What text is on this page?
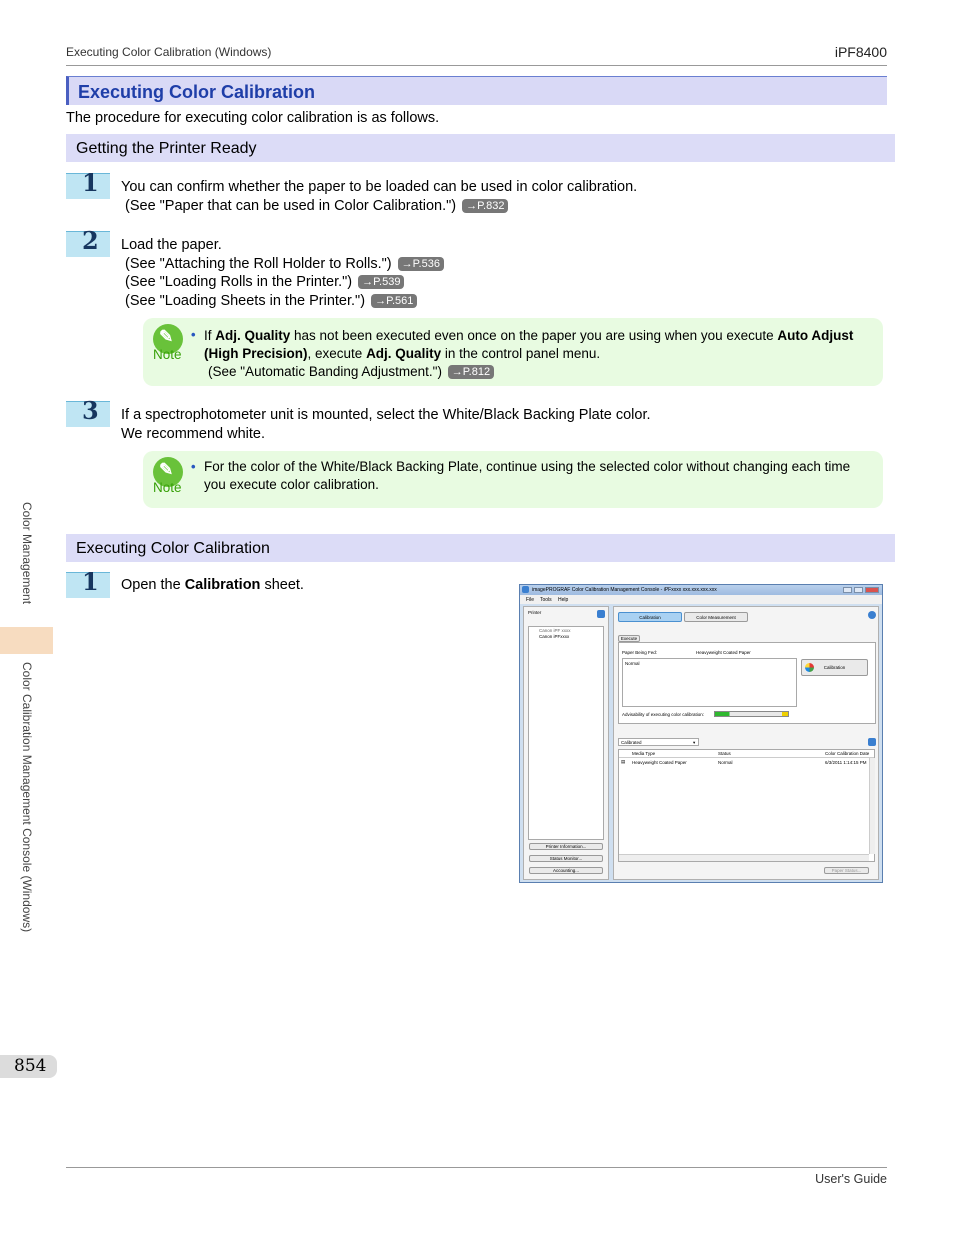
Executing Color Calibration (Windows)	iPF8400
Executing Color Calibration
The procedure for executing color calibration is as follows.
Getting the Printer Ready
1 You can confirm whether the paper to be loaded can be used in color calibration.
(See "Paper that can be used in Color Calibration.") →P.832
2 Load the paper.
(See "Attaching the Roll Holder to Rolls.") →P.536
(See "Loading Rolls in the Printer.") →P.539
(See "Loading Sheets in the Printer.") →P.561
✎
Note
• If Adj. Quality has not been executed even once on the paper you are using when you execute Auto Adjust (High Precision), execute Adj. Quality in the control panel menu.
(See "Automatic Banding Adjustment.") →P.812
3 If a spectrophotometer unit is mounted, select the White/Black Backing Plate color.
We recommend white.
✎
Note
• For the color of the White/Black Backing Plate, continue using the selected color without changing each time you execute color calibration.
Executing Color Calibration
1 Open the Calibration sheet.	imagePROGRAF Color Calibration Management Console - iPFxxxx xxx.xxx.xxx.xxx
File Tools Help
Printer
Canon iPF xxxx
Canon iPFxxxx
Printer Information...
Status Monitor...
Accounting...
Calibration	Color Measurement
Execute
Paper Being Fed:	Heavyweight Coated Paper
Normal
Calibration
Advisability of executing color calibration:
Calibrated	▾
Media Type	Status	Color Calibration Date
▤ Heavyweight Coated Paper	Normal	6/3/2011 1:14:15 PM
Paper Status...
Color Management
Color Calibration Management Console (Windows)
854
User's Guide
